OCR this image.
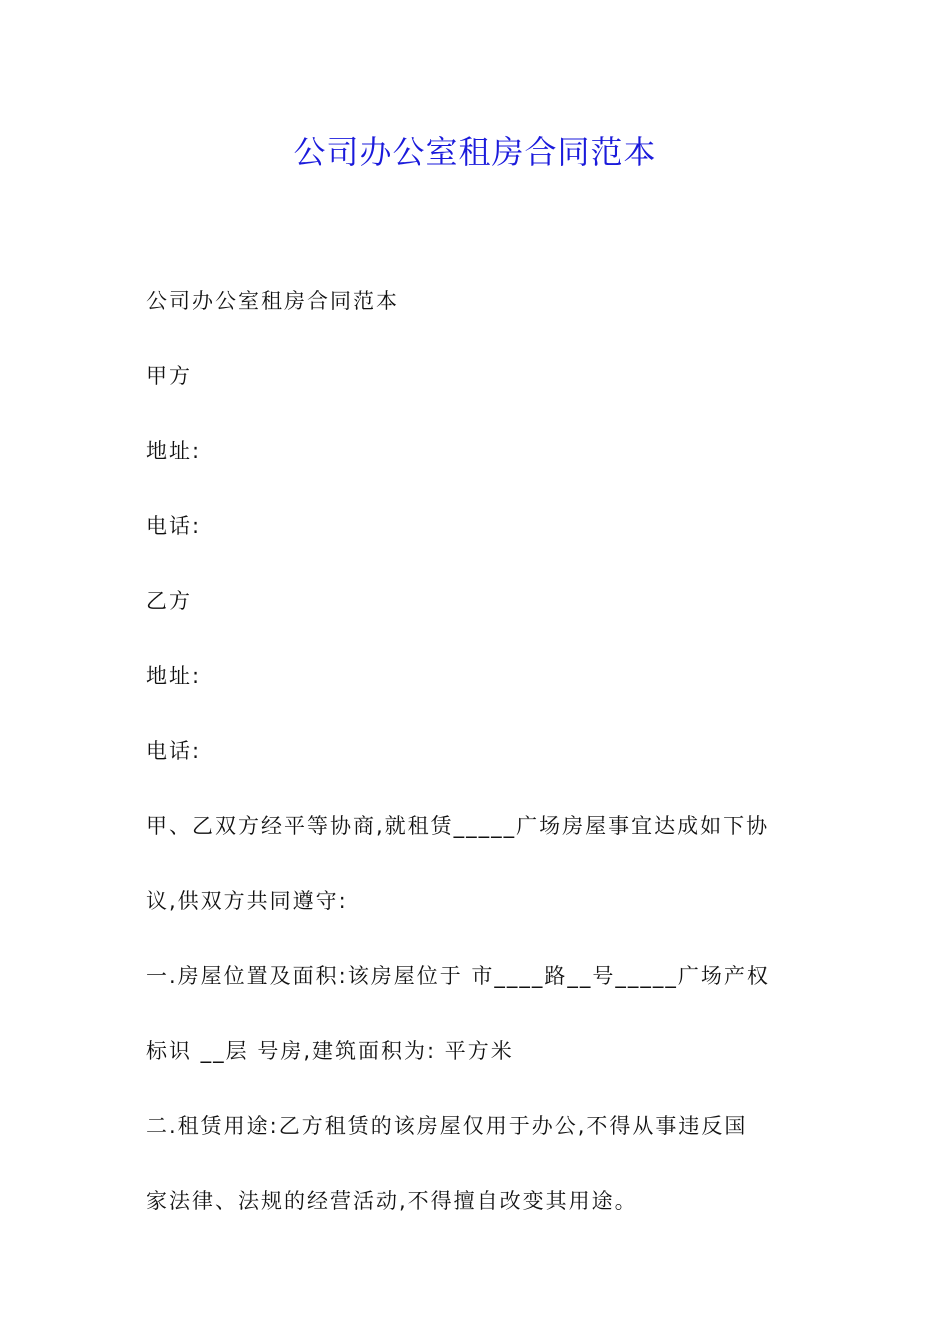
公司办公室租房合同范本

公司办公室租房合同范本

甲方

地址:

电话:

乙方

地址:

电话:

甲、乙双方经平等协商,就租赁_____广场房屋事宜达成如下协

议,供双方共同遵守:

一.房屋位置及面积:该房屋位于 市____路__号_____广场产权

标识 __层 号房,建筑面积为: 平方米

二.租赁用途:乙方租赁的该房屋仅用于办公,不得从事违反国

家法律、法规的经营活动,不得擅自改变其用途。
